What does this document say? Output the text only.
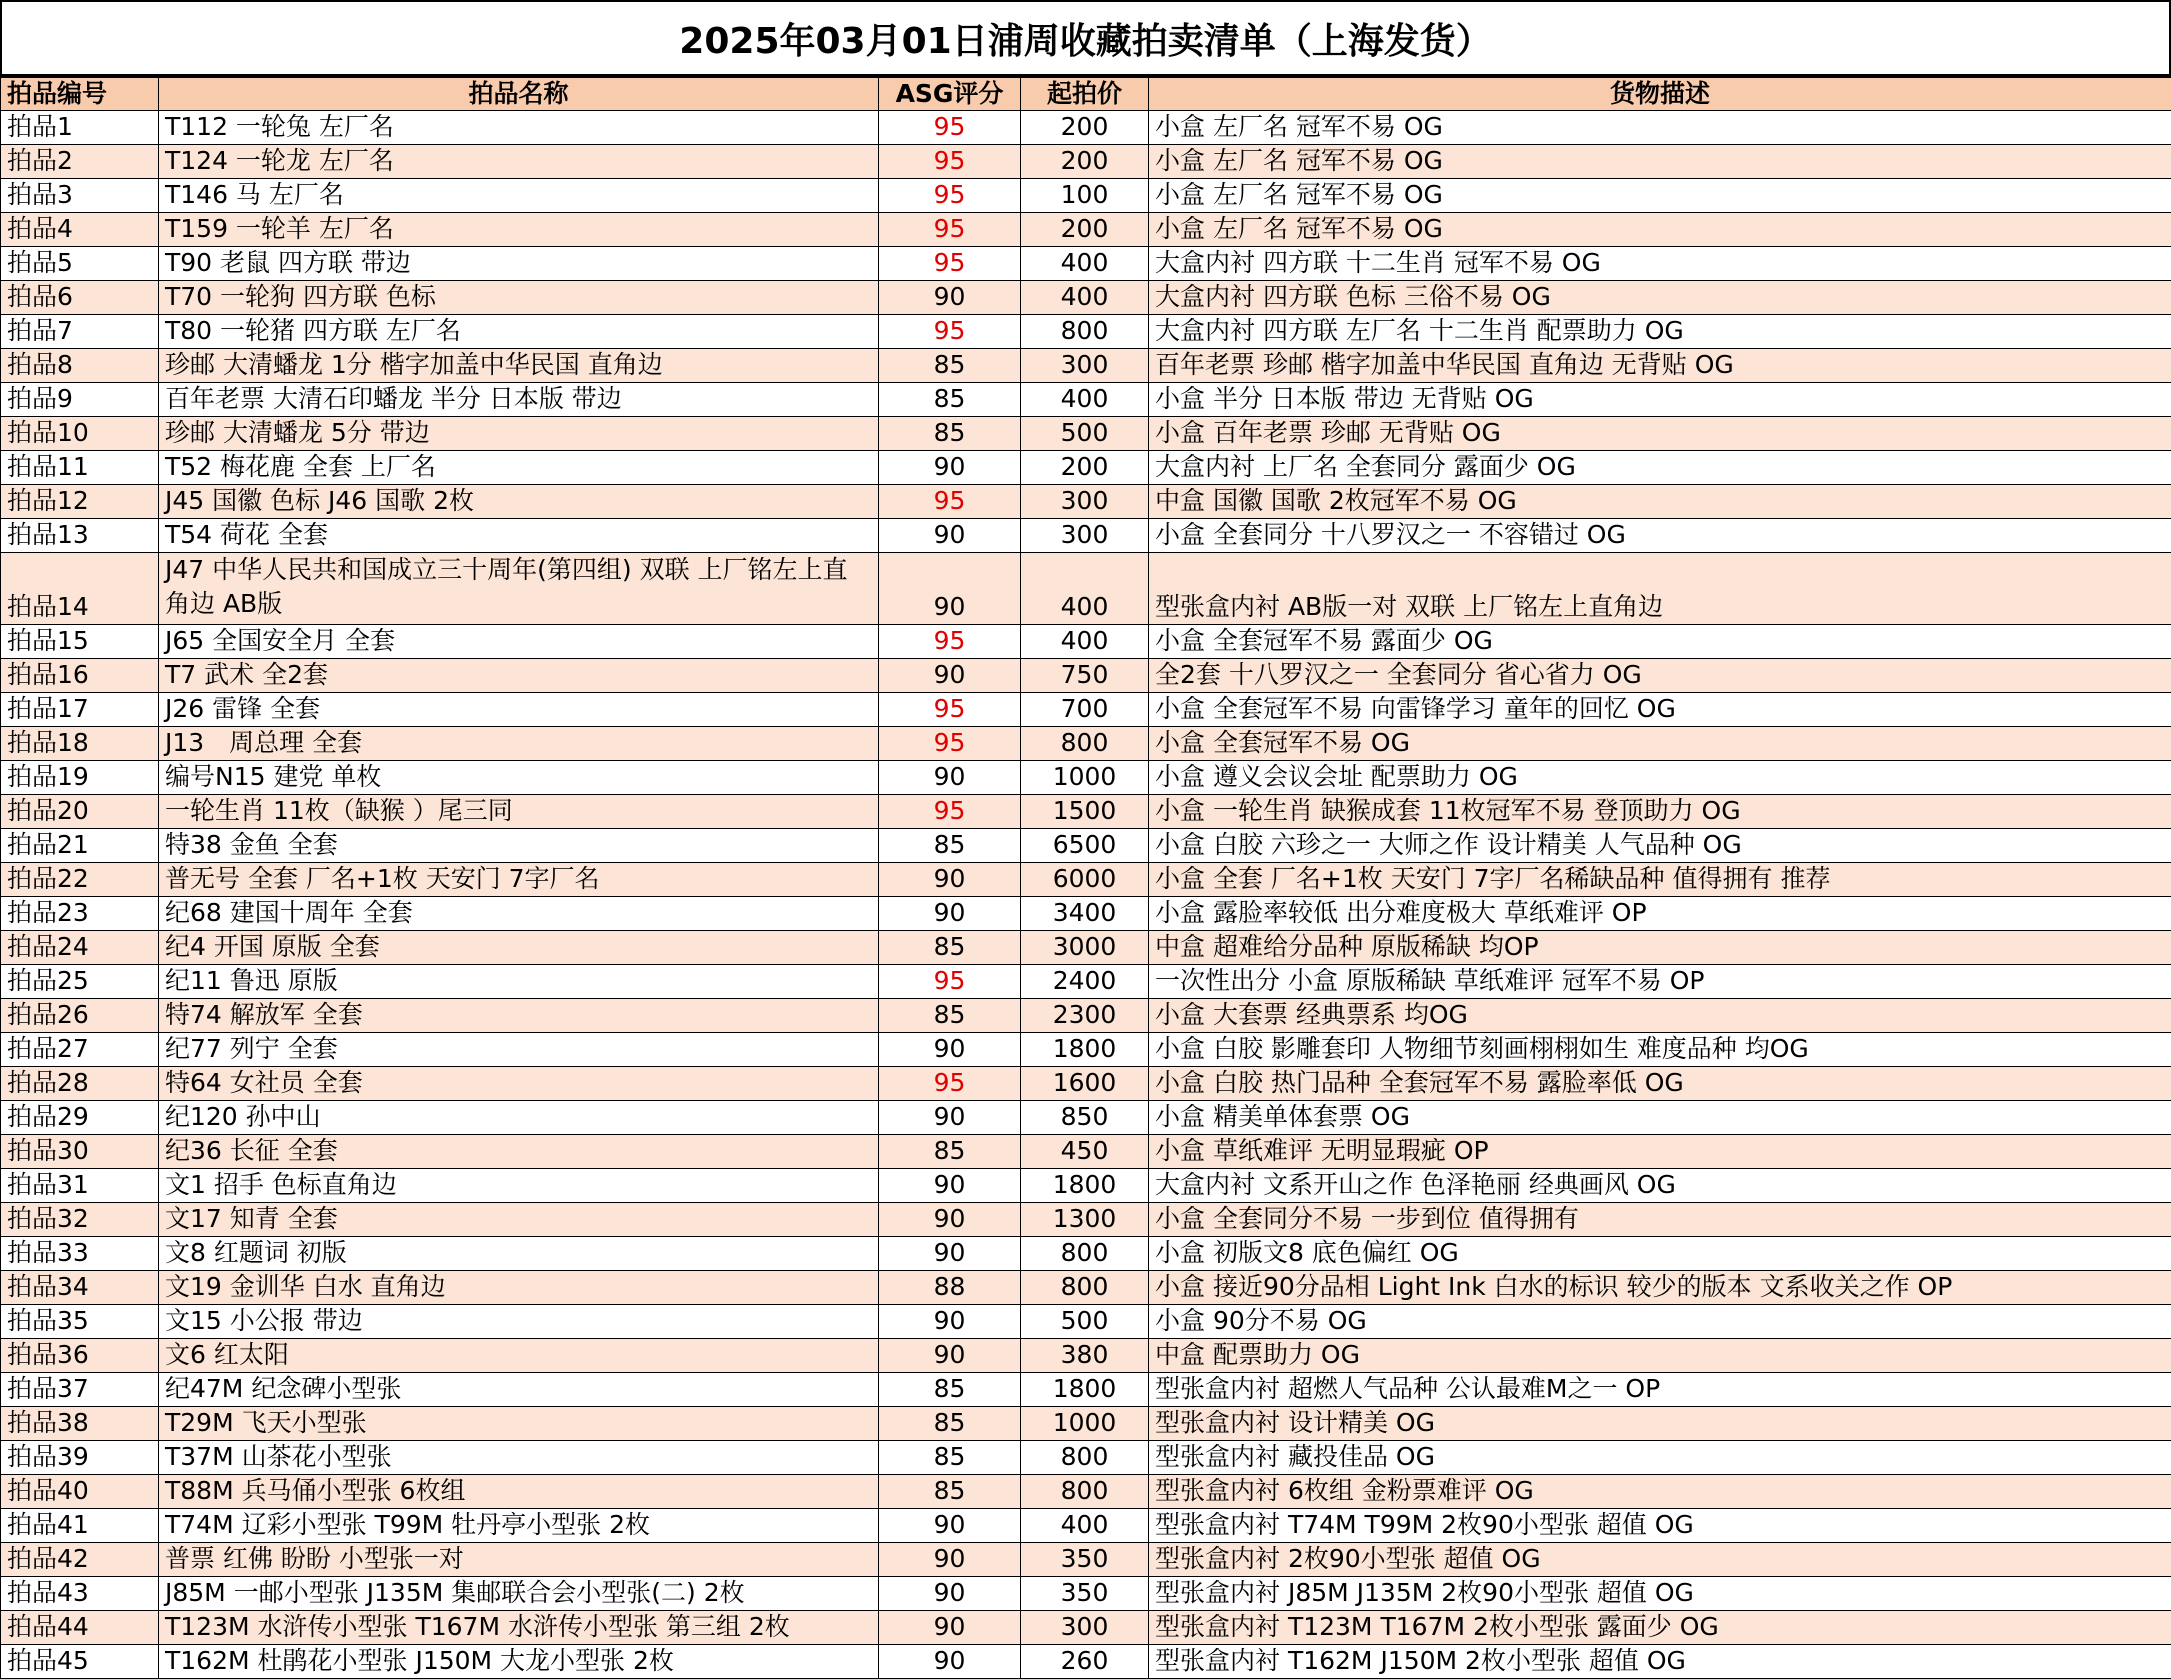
2025年03月01日浦周收藏拍卖清单（上海发货）
拍品编号	拍品名称	ASG评分	起拍价	货物描述
拍品1	T112 一轮兔 左厂名	95	200	小盒 左厂名 冠军不易 OG
拍品2	T124 一轮龙 左厂名	95	200	小盒 左厂名 冠军不易 OG
拍品3	T146 马 左厂名	95	100	小盒 左厂名 冠军不易 OG
拍品4	T159 一轮羊 左厂名	95	200	小盒 左厂名 冠军不易 OG
拍品5	T90 老鼠 四方联 带边	95	400	大盒内衬 四方联 十二生肖 冠军不易 OG
拍品6	T70 一轮狗 四方联 色标	90	400	大盒内衬 四方联 色标 三俗不易 OG
拍品7	T80 一轮猪 四方联 左厂名	95	800	大盒内衬 四方联 左厂名 十二生肖 配票助力 OG
拍品8	珍邮 大清蟠龙 1分 楷字加盖中华民国 直角边	85	300	百年老票 珍邮 楷字加盖中华民国 直角边 无背贴 OG
拍品9	百年老票 大清石印蟠龙 半分 日本版 带边	85	400	小盒 半分 日本版 带边 无背贴 OG
拍品10	珍邮 大清蟠龙 5分 带边	85	500	小盒 百年老票 珍邮 无背贴 OG
拍品11	T52 梅花鹿 全套 上厂名	90	200	大盒内衬 上厂名 全套同分 露面少 OG
拍品12	J45 国徽 色标 J46 国歌 2枚	95	300	中盒 国徽 国歌 2枚冠军不易 OG
拍品13	T54 荷花 全套	90	300	小盒 全套同分 十八罗汉之一 不容错过 OG
拍品14	J47 中华人民共和国成立三十周年(第四组) 双联 上厂铭左上直角边 AB版	90	400	型张盒内衬 AB版一对 双联 上厂铭左上直角边
拍品15	J65 全国安全月 全套	95	400	小盒 全套冠军不易 露面少 OG
拍品16	T7 武术 全2套	90	750	全2套 十八罗汉之一 全套同分 省心省力 OG
拍品17	J26 雷锋 全套	95	700	小盒 全套冠军不易 向雷锋学习 童年的回忆 OG
拍品18	J13　周总理 全套	95	800	小盒 全套冠军不易 OG
拍品19	编号N15 建党 单枚	90	1000	小盒 遵义会议会址 配票助力 OG
拍品20	一轮生肖 11枚（缺猴 ）尾三同	95	1500	小盒 一轮生肖 缺猴成套 11枚冠军不易 登顶助力 OG
拍品21	特38 金鱼 全套	85	6500	小盒 白胶 六珍之一 大师之作 设计精美 人气品种 OG
拍品22	普无号 全套 厂名+1枚 天安门 7字厂名	90	6000	小盒 全套 厂名+1枚 天安门 7字厂名稀缺品种 值得拥有 推荐
拍品23	纪68 建国十周年 全套	90	3400	小盒 露脸率较低 出分难度极大 草纸难评 OP
拍品24	纪4 开国 原版 全套	85	3000	中盒 超难给分品种 原版稀缺 均OP
拍品25	纪11 鲁迅 原版	95	2400	一次性出分 小盒 原版稀缺 草纸难评 冠军不易 OP
拍品26	特74 解放军 全套	85	2300	小盒 大套票 经典票系 均OG
拍品27	纪77 列宁 全套	90	1800	小盒 白胶 影雕套印 人物细节刻画栩栩如生 难度品种 均OG
拍品28	特64 女社员 全套	95	1600	小盒 白胶 热门品种 全套冠军不易 露脸率低 OG
拍品29	纪120 孙中山	90	850	小盒 精美单体套票 OG
拍品30	纪36 长征 全套	85	450	小盒 草纸难评 无明显瑕疵 OP
拍品31	文1 招手 色标直角边	90	1800	大盒内衬 文系开山之作 色泽艳丽 经典画风 OG
拍品32	文17 知青 全套	90	1300	小盒 全套同分不易 一步到位 值得拥有
拍品33	文8 红题词 初版	90	800	小盒 初版文8 底色偏红 OG
拍品34	文19 金训华 白水 直角边	88	800	小盒 接近90分品相 Light Ink 白水的标识 较少的版本 文系收关之作 OP
拍品35	文15 小公报 带边	90	500	小盒 90分不易 OG
拍品36	文6 红太阳	90	380	中盒 配票助力 OG
拍品37	纪47M 纪念碑小型张	85	1800	型张盒内衬 超燃人气品种 公认最难M之一 OP
拍品38	T29M 飞天小型张	85	1000	型张盒内衬 设计精美 OG
拍品39	T37M 山茶花小型张	85	800	型张盒内衬 藏投佳品 OG
拍品40	T88M 兵马俑小型张 6枚组	85	800	型张盒内衬 6枚组 金粉票难评 OG
拍品41	T74M 辽彩小型张 T99M 牡丹亭小型张 2枚	90	400	型张盒内衬 T74M T99M 2枚90小型张 超值 OG
拍品42	普票 红佛 盼盼 小型张一对	90	350	型张盒内衬 2枚90小型张 超值 OG
拍品43	J85M 一邮小型张 J135M 集邮联合会小型张(二) 2枚	90	350	型张盒内衬 J85M J135M 2枚90小型张 超值 OG
拍品44	T123M 水浒传小型张 T167M 水浒传小型张 第三组 2枚	90	300	型张盒内衬 T123M T167M 2枚小型张 露面少 OG
拍品45	T162M 杜鹃花小型张 J150M 大龙小型张 2枚	90	260	型张盒内衬 T162M J150M 2枚小型张 超值 OG
